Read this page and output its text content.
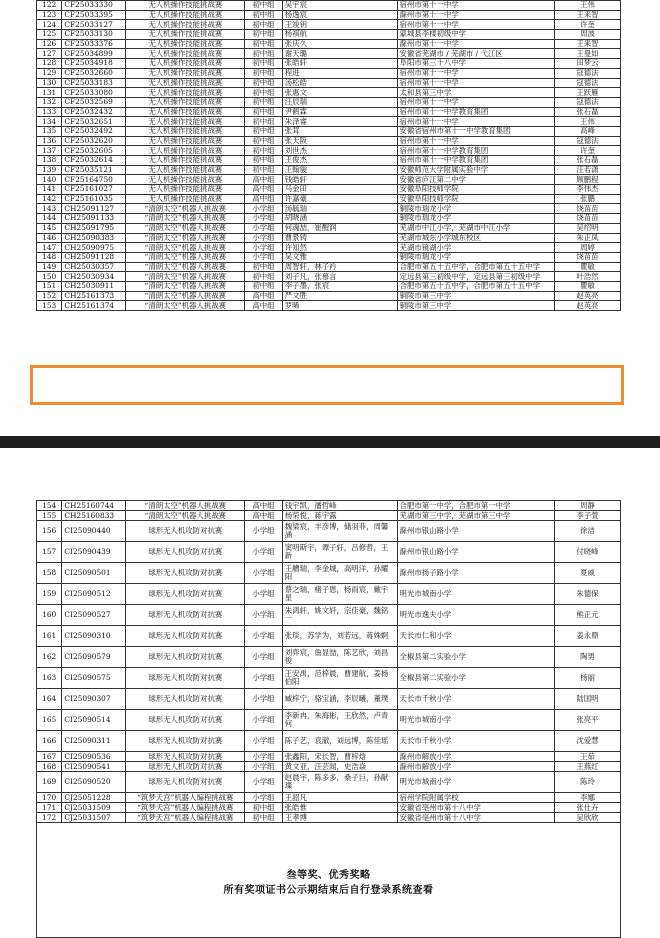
122	CF25033330	无人机操作技能挑战赛	初中组	吴宇宸	宿州市第十一中学	王伟
123	CF25033395	无人机操作技能挑战赛	初中组	杨逸宸	滁州市第十一中学	王来智
124	CF25033127	无人机操作技能挑战赛	初中组	王竣钥	宿州市第十一中学	许奎
125	CF25033130	无人机操作技能挑战赛	初中组	杨祺航	蒙城县李楼初级中学	周波
126	CF25033376	无人机操作技能挑战赛	初中组	张庆久	滁州市第十一中学	王来智
127	CF25034899	无人机操作技能挑战赛	初中组	谢天璐	安徽省芜湖市 / 芜湖市 / 弋江区	王曼如
128	CF25034918	无人机操作技能挑战赛	初中组	张皓轩	阜阳市第三十八中学	田梦云
129	CF25032660	无人机操作技能挑战赛	初中组	程进	宿州市第十一中学	寇德法
130	CF25033183	无人机操作技能挑战赛	初中组	汤松皓	宿州市第十一中学	寇德法
131	CF25033080	无人机操作技能挑战赛	初中组	张惠文	太和县第三中学	王跃雁
132	CF25032569	无人机操作技能挑战赛	初中组	汪辰瑞	宿州市第十一中学	寇德法
133	CF25032432	无人机操作技能挑战赛	初中组	尹鹤霖	宿州市第十一中学教育集团	张石磊
134	CF25032651	无人机操作技能挑战赛	初中组	朱泽睿	宿州市第十一中学	王伟
135	CF25032492	无人机操作技能挑战赛	初中组	张茸	安徽省宿州市第十一中学教育集团	高峰
136	CF25032620	无人机操作技能挑战赛	初中组	张天阪	宿州市第十一中学	寇德法
137	CF25032605	无人机操作技能挑战赛	初中组	刘世杰	宿州市第十一中学教育集团	许奎
138	CF25032614	无人机操作技能挑战赛	初中组	王俊杰	宿州市第十一中学教育集团	张石磊
139	CF25035121	无人机操作技能挑战赛	初中组	王翰骏	安徽师范大学附属实验中学	汪若潇
140	CF25164750	无人机操作技能挑战赛	高中组	钱皓轩	安徽省庐江第二中学	顾鹏程
141	CF25161027	无人机操作技能挑战赛	高中组	马金田	安徽阜阳技师学院	李伟杰
142	CF25161035	无人机操作技能挑战赛	高中组	许嘉豪	安徽阜阳技师学院	张鹏
143	CH25091127	“清朗太空”机器人挑战赛	小学组	汤毓瑞	铜陵市瑞龙小学	饶苗苗
144	CH25091133	“清朗太空”机器人挑战赛	小学组	胡晓涵	铜陵市瑞龙小学	饶苗苗
145	CH25091795	“清朗太空”机器人挑战赛	小学组	何魂喆，崔醒润	芜湖市中江小学，芜湖市中江小学	吴绍明
146	CH25090383	“清朗太空”机器人挑战赛	小学组	曹景铸	芜湖市城东小学城东校区	朱正凤
147	CH25090975	“清朗太空”机器人挑战赛	小学组	许知然	芜湖市镜湖小学	周婷
148	CH25091128	“清朗太空”机器人挑战赛	小学组	吴文雅	铜陵市瑞龙小学	饶苗苗
149	CH25030357	“清朗太空”机器人挑战赛	初中组	周智轩，林子衿	合肥市第五十五中学，合肥市第五十五中学	瞿敏
150	CH25030934	“清朗太空”机器人挑战赛	初中组	刘子凡，张慕言	定远县第三初级中学，定远县第三初级中学	叶浩然
151	CH25030911	“清朗太空”机器人挑战赛	初中组	李子墨，张宸	合肥市第五十五中学，合肥市第五十五中学	瞿敏
152	CH25161373	“清朗太空”机器人挑战赛	高中组	严文胜	铜陵市第三中学	赵英亮
153	CH25161374	“清朗太空”机器人挑战赛	高中组	罗晞	铜陵市第三中学	赵英亮
154	CH25160744	“清朗太空”机器人挑战赛	高中组	钱宇凯，潘哲峰	合肥市第一中学，合肥市第一中学	周静
155	CH25160833	“清朗太空”机器人挑战赛	高中组	杨荣悦，蒋宇露	芜湖市第三中学，芜湖市第三中学	李子萱
156	CI25090440	球形无人机攻防对抗赛	小学组	魏梁宸，丰彦博，储羽菲，周馨涵	滁州市银山路小学	徐洁
157	CI25090439	球形无人机攻防对抗赛	小学组	窦明斯宇，谭子轩，吕修哲，王新	滁州市银山路小学	付晓峰
158	CI25090501	球形无人机攻防对抗赛	小学组	王艚瑞，李金城，高明洋，孙耀阳	滁州市扬子路小学	夏威
159	CI25090512	球形无人机攻防对抗赛	小学组	蔡之瑞，楮子恩，杨雨宸，戴宇星	明光市城南小学	朱德保
160	CI25090527	球形无人机攻防对抗赛	小学组	朱鸿轩，姚文轩，宗佳豪，魏铭一	明光市逸夫小学	熊正元
161	CI25090310	球形无人机攻防对抗赛	小学组	张琰，苏学为，刘若远，蒋姝婀	天长市仁和小学	姜永鼎
162	CI25090579	球形无人机攻防对抗赛	小学组	刘弈宸，詹显喆，陈艺欣，刘昌俊	全椒县第二实验小学	陶男
163	CI25090575	球形无人机攻防对抗赛	小学组	王安禹，范梓晨，曹建航，姜杨伯阳	全椒县第二实验小学	杨丽
164	CI25090307	球形无人机攻防对抗赛	小学组	臧梓宁，骆宝涵，李辰曦，董璞	天长市千秋小学	陆国明
165	CI25090514	球形无人机攻防对抗赛	小学组	李新冉，朱海彬，王欣然，卢青何	明光市城南小学	张亮平
166	CI25090311	球形无人机攻防对抗赛	小学组	陈子艺，袁澈，刘远博，陈佳瑶	天长市千秋小学	沈爱慧
167	CI25090536	球形无人机攻防对抗赛	小学组	张鑫阳，宋长智，曹梓焓	滁州市解放小学	王茹
168	CI25090541	球形无人机攻防对抗赛	小学组	黄文亚，汪芸闻，史浩焱	滁州市解放小学	王燕红
169	CI25090520	球形无人机攻防对抗赛	小学组	赵晨宇，陈多多，桑子巨，孙献璨	明光市城南小学	陈玲
170	CJ25051228	“筑梦天宫”机器人编程挑战赛	小学组	王韶凡	宿州学院附属学校	李娜
171	CJ25031509	“筑梦天宫”机器人编程挑战赛	初中组	张皓惟	安徽省亳州市第十八中学	张仕卉
172	CJ25031507	“筑梦天宫”机器人编程挑战赛	初中组	王孝博	安徽省亳州市第十八中学	吴欣欣
叁等奖、优秀奖略
所有奖项证书公示期结束后自行登录系统查看
